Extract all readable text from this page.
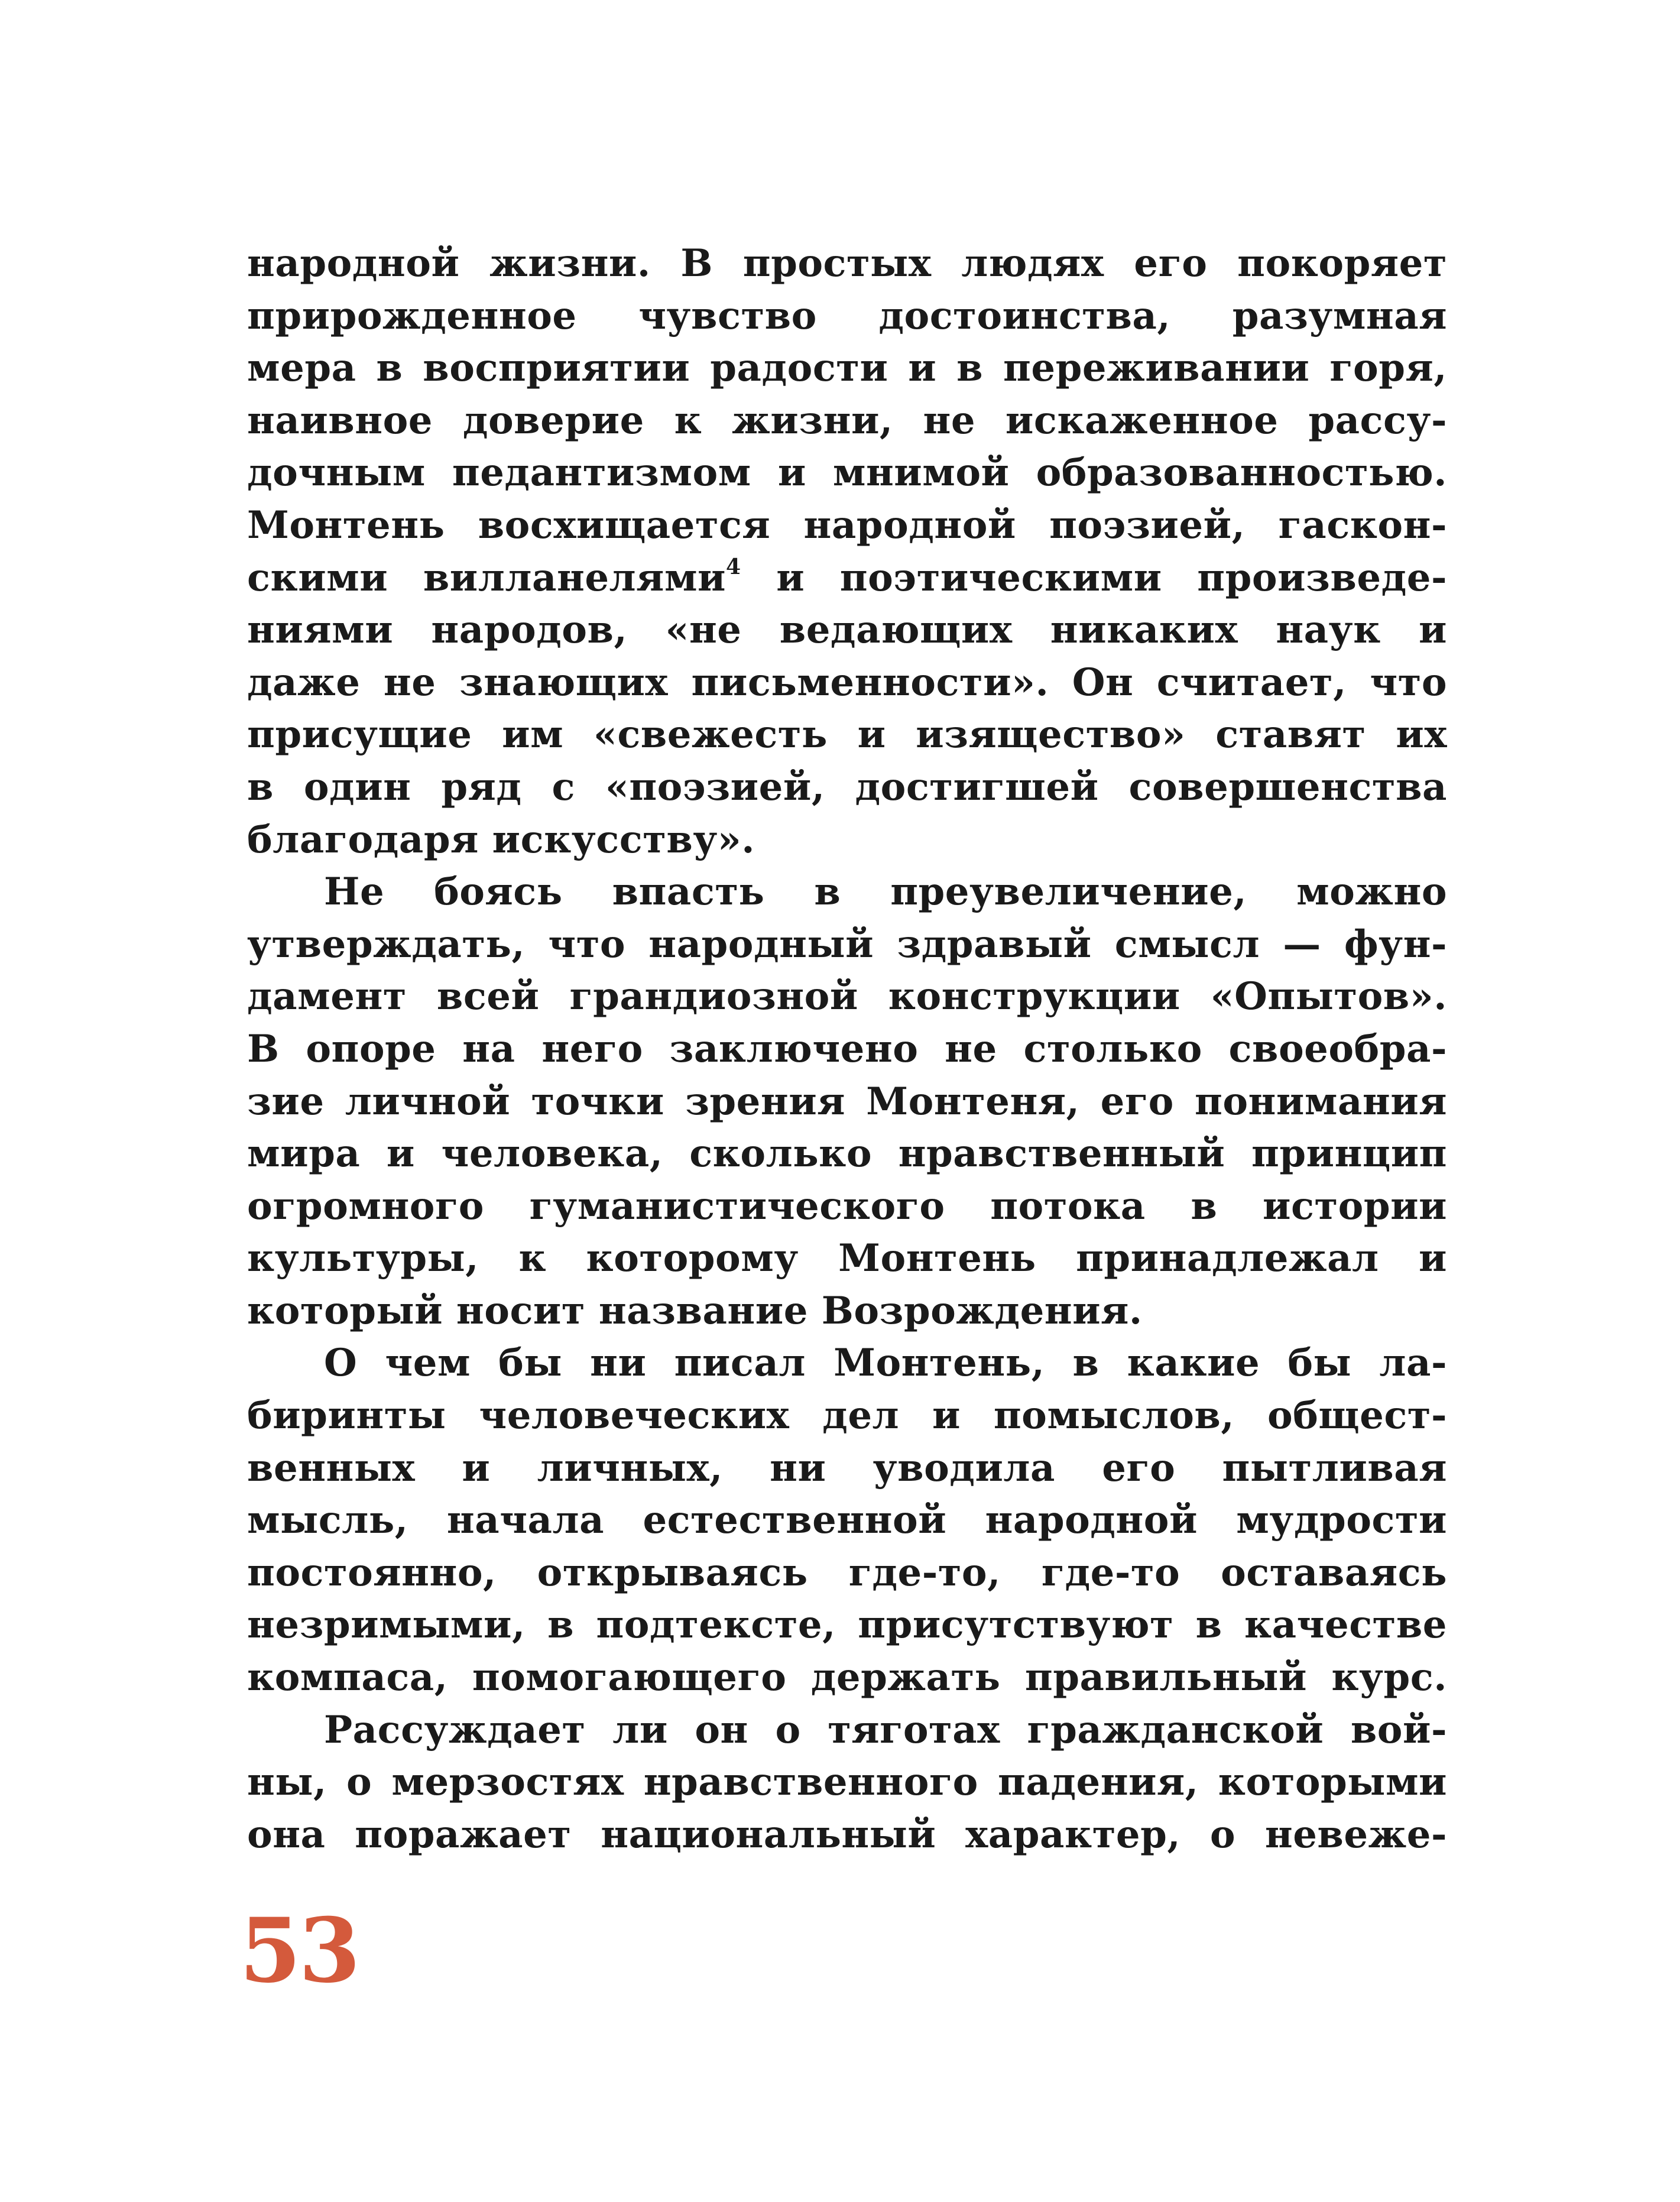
народной жизни. В простых людях его покоряет
прирожденное чувство достоинства, разумная
мера в восприятии радости и в переживании горя,
наивное доверие к жизни, не искаженное рассу-
дочным педантизмом и мнимой образованностью.
Монтень восхищается народной поэзией, гаскон-
скими вилланелями$^4$ и поэтическими произведе-
ниями народов, «не ведающих никаких наук и
даже не знающих письменности». Он считает, что
присущие им «свежесть и изящество» ставят их
в один ряд с «поэзией, достигшей совершенства
благодаря искусству».
Не боясь впасть в преувеличение, можно
утверждать, что народный здравый смысл — фун-
дамент всей грандиозной конструкции «Опытов».
В опоре на него заключено не столько своеобра-
зие личной точки зрения Монтеня, его понимания
мира и человека, сколько нравственный принцип
огромного гуманистического потока в истории
культуры, к которому Монтень принадлежал и
который носит название Возрождения.
О чем бы ни писал Монтень, в какие бы ла-
биринты человеческих дел и помыслов, общест-
венных и личных, ни уводила его пытливая
мысль, начала естественной народной мудрости
постоянно, открываясь где-то, где-то оставаясь
незримыми, в подтексте, присутствуют в качестве
компаса, помогающего держать правильный курс.
Рассуждает ли он о тяготах гражданской вой-
ны, о мерзостях нравственного падения, которыми
она поражает национальный характер, о невеже-
53
